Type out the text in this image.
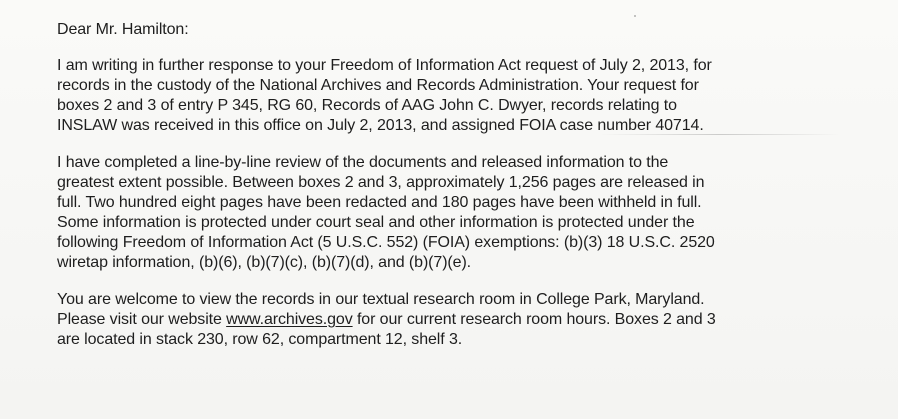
Dear Mr. Hamilton:

I am writing in further response to your Freedom of Information Act request of July 2, 2013, for
records in the custody of the National Archives and Records Administration. Your request for
boxes 2 and 3 of entry P 345, RG 60, Records of AAG John C. Dwyer, records relating to
INSLAW was received in this office on July 2, 2013, and assigned FOIA case number 40714.

I have completed a line-by-line review of the documents and released information to the
greatest extent possible. Between boxes 2 and 3, approximately 1,256 pages are released in
full. Two hundred eight pages have been redacted and 180 pages have been withheld in full.
Some information is protected under court seal and other information is protected under the
following Freedom of Information Act (5 U.S.C. 552) (FOIA) exemptions: (b)(3) 18 U.S.C. 2520
wiretap information, (b)(6), (b)(7)(c), (b)(7)(d), and (b)(7)(e).

You are welcome to view the records in our textual research room in College Park, Maryland.
Please visit our website www.archives.gov for our current research room hours. Boxes 2 and 3
are located in stack 230, row 62, compartment 12, shelf 3.
